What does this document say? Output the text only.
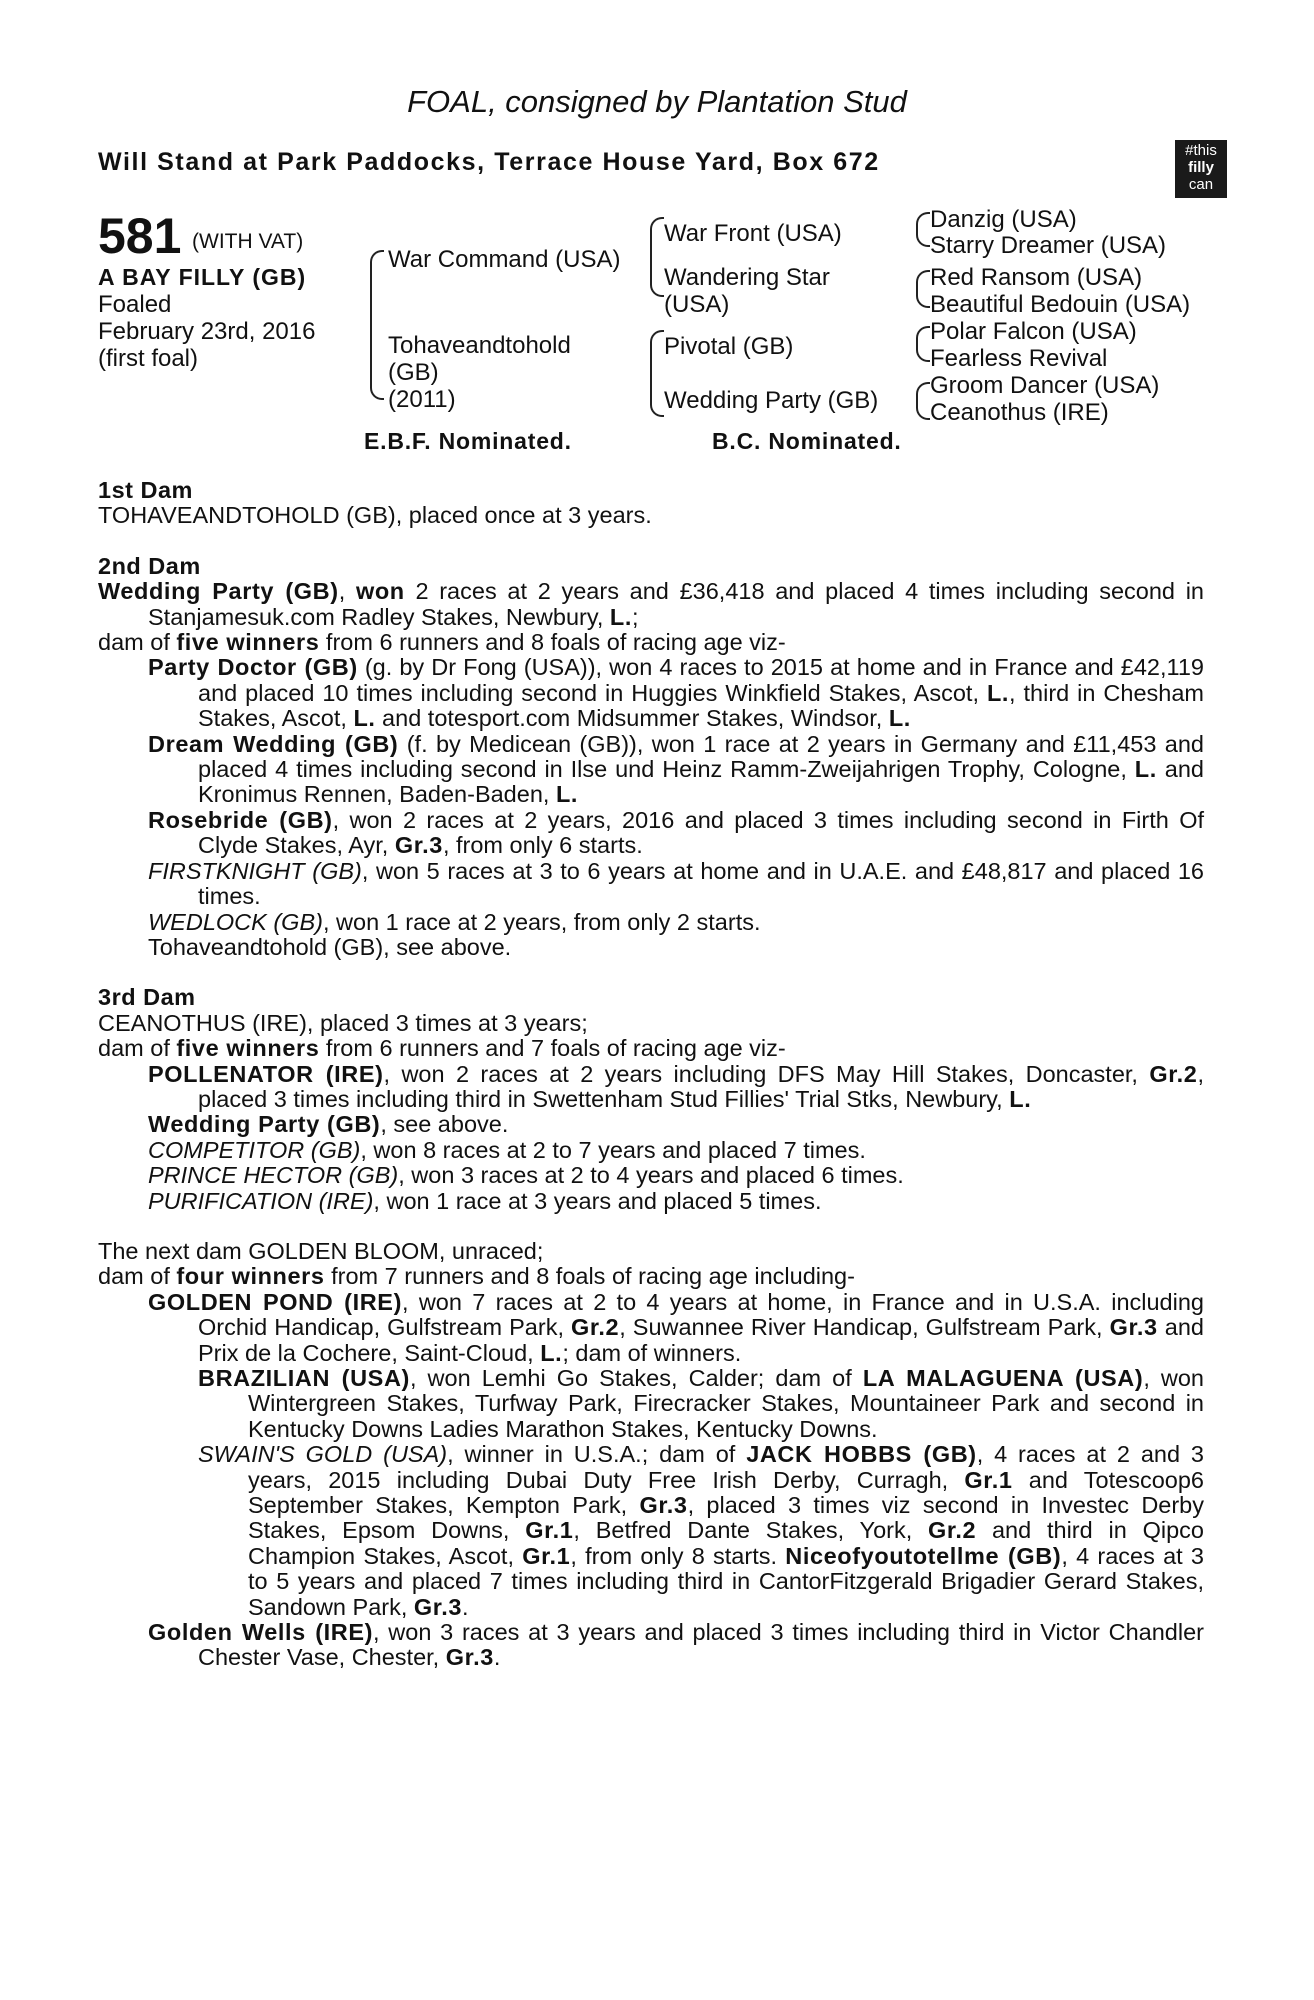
FOAL, consigned by Plantation Stud
Will Stand at Park Paddocks, Terrace House Yard, Box 672	#this
filly
can
581 (WITH VAT)
A BAY FILLY (GB)
Foaled
February 23rd, 2016
(first foal)
War Command (USA)
Tohaveandtohold
(GB)
(2011)
War Front (USA)
Wandering Star
(USA)
Pivotal (GB)
Wedding Party (GB)
Danzig (USA)
Starry Dreamer (USA)
Red Ransom (USA)
Beautiful Bedouin (USA)
Polar Falcon (USA)
Fearless Revival
Groom Dancer (USA)
Ceanothus (IRE)
E.B.F. Nominated.	B.C. Nominated.

1st Dam

TOHAVEANDTOHOLD (GB), placed once at 3 years.

2nd Dam

Wedding Party (GB), won 2 races at 2 years and £36,418 and placed 4 times including second in Stanjamesuk.com Radley Stakes, Newbury, L.;

dam of five winners from 6 runners and 8 foals of racing age viz-

Party Doctor (GB) (g. by Dr Fong (USA)), won 4 races to 2015 at home and in France and £42,119 and placed 10 times including second in Huggies Winkfield Stakes, Ascot, L., third in Chesham Stakes, Ascot, L. and totesport.com Midsummer Stakes, Windsor, L.

Dream Wedding (GB) (f. by Medicean (GB)), won 1 race at 2 years in Germany and £11,453 and placed 4 times including second in Ilse und Heinz Ramm-Zweijahrigen Trophy, Cologne, L. and Kronimus Rennen, Baden-Baden, L.

Rosebride (GB), won 2 races at 2 years, 2016 and placed 3 times including second in Firth Of Clyde Stakes, Ayr, Gr.3, from only 6 starts.

FIRSTKNIGHT (GB), won 5 races at 3 to 6 years at home and in U.A.E. and £48,817 and placed 16 times.

WEDLOCK (GB), won 1 race at 2 years, from only 2 starts.

Tohaveandtohold (GB), see above.

3rd Dam

CEANOTHUS (IRE), placed 3 times at 3 years;

dam of five winners from 6 runners and 7 foals of racing age viz-

POLLENATOR (IRE), won 2 races at 2 years including DFS May Hill Stakes, Doncaster, Gr.2, placed 3 times including third in Swettenham Stud Fillies' Trial Stks, Newbury, L.

Wedding Party (GB), see above.

COMPETITOR (GB), won 8 races at 2 to 7 years and placed 7 times.

PRINCE HECTOR (GB), won 3 races at 2 to 4 years and placed 6 times.

PURIFICATION (IRE), won 1 race at 3 years and placed 5 times.

The next dam GOLDEN BLOOM, unraced;

dam of four winners from 7 runners and 8 foals of racing age including-

GOLDEN POND (IRE), won 7 races at 2 to 4 years at home, in France and in U.S.A. including Orchid Handicap, Gulfstream Park, Gr.2, Suwannee River Handicap, Gulfstream Park, Gr.3 and Prix de la Cochere, Saint-Cloud, L.; dam of winners.

BRAZILIAN (USA), won Lemhi Go Stakes, Calder; dam of LA MALAGUENA (USA), won Wintergreen Stakes, Turfway Park, Firecracker Stakes, Mountaineer Park and second in Kentucky Downs Ladies Marathon Stakes, Kentucky Downs.

SWAIN'S GOLD (USA), winner in U.S.A.; dam of JACK HOBBS (GB), 4 races at 2 and 3 years, 2015 including Dubai Duty Free Irish Derby, Curragh, Gr.1 and Totescoop6 September Stakes, Kempton Park, Gr.3, placed 3 times viz second in Investec Derby Stakes, Epsom Downs, Gr.1, Betfred Dante Stakes, York, Gr.2 and third in Qipco Champion Stakes, Ascot, Gr.1, from only 8 starts. Niceofyoutotellme (GB), 4 races at 3 to 5 years and placed 7 times including third in CantorFitzgerald Brigadier Gerard Stakes, Sandown Park, Gr.3.

Golden Wells (IRE), won 3 races at 3 years and placed 3 times including third in Victor Chandler Chester Vase, Chester, Gr.3.
